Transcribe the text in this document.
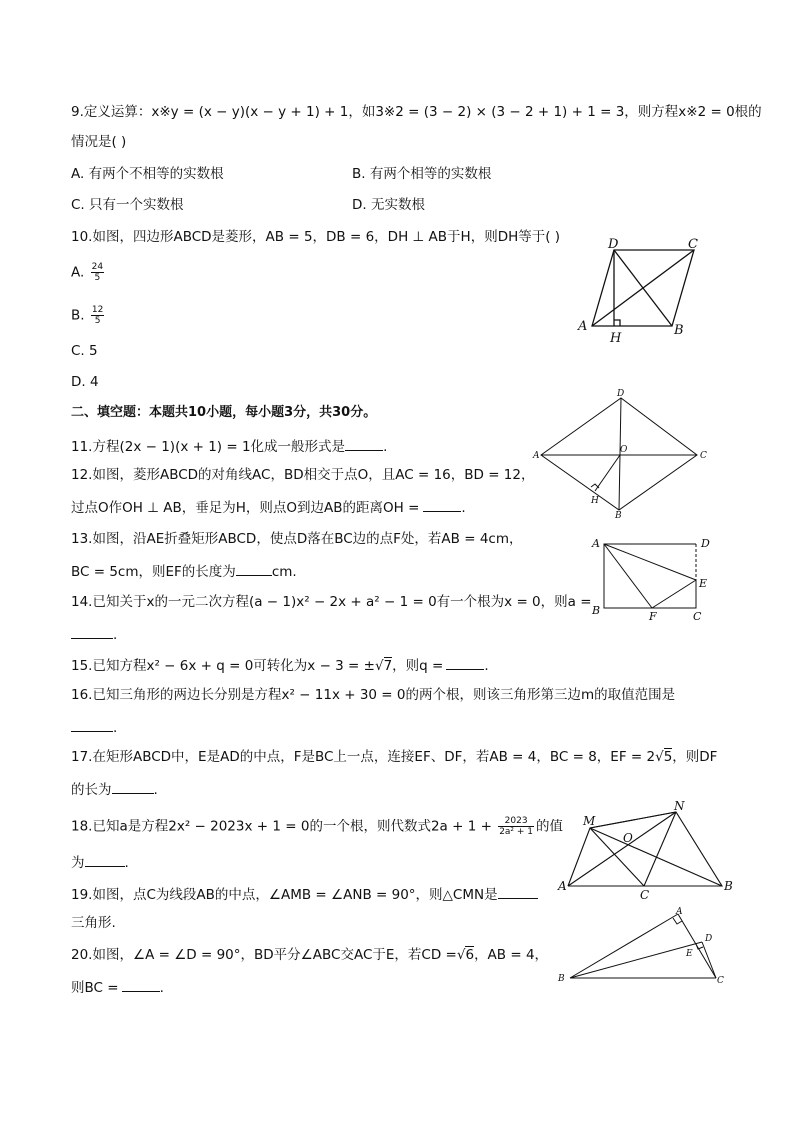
9.定义运算：x※y = (x − y)(x − y + 1) + 1，如3※2 = (3 − 2) × (3 − 2 + 1) + 1 = 3，则方程x※2 = 0根的
情况是( )
A. 有两个不相等的实数根	B. 有两个相等的实数根
C. 只有一个实数根	D. 无实数根
10.如图，四边形ABCD是菱形，AB = 5，DB = 6，DH ⊥ AB于H，则DH等于( )
A. $\frac{24}{5}$
B. $\frac{12}{5}$
C. 5
D. 4
D	C
A
H
B
二、填空题：本题共10小题，每小题3分，共30分。
11.方程(2x − 1)(x + 1) = 1化成一般形式是	.
12.如图，菱形ABCD的对角线AC，BD相交于点O，且AC = 16，BD = 12，
过点O作OH ⊥ AB，垂足为H，则点O到边AB的距离OH =	.
D
A
O
C
H
B
13.如图，沿AE折叠矩形ABCD，使点D落在BC边的点F处，若AB = 4cm，
BC = 5cm，则EF的长度为	cm.
A	D
E
B	F	C
14.已知关于x的一元二次方程(a − 1)x² − 2x + a² − 1 = 0有一个根为x = 0，则a =
.
15.已知方程x² − 6x + q = 0可转化为x − 3 = ±√7，则q =	.
16.已知三角形的两边长分别是方程x² − 11x + 30 = 0的两个根，则该三角形第三边m的取值范围是
.
17.在矩形ABCD中，E是AD的中点，F是BC上一点，连接EF、DF，若AB = 4，BC = 8，EF = 2√5，则DF
的长为	.
18.已知a是方程2x² − 2023x + 1 = 0的一个根，则代数式$2a + 1 + \frac{2023}{\text{2a² + 1}}$ 的值
为	.
M
N
O
A
C
B
19.如图，点C为线段AB的中点，∠AMB = ∠ANB = 90°，则△CMN是
三角形.
20.如图，∠A = ∠D = 90°，BD平分∠ABC交AC于E，若CD =√6，AB = 4，
则BC =	.
A
D
E
B	C
